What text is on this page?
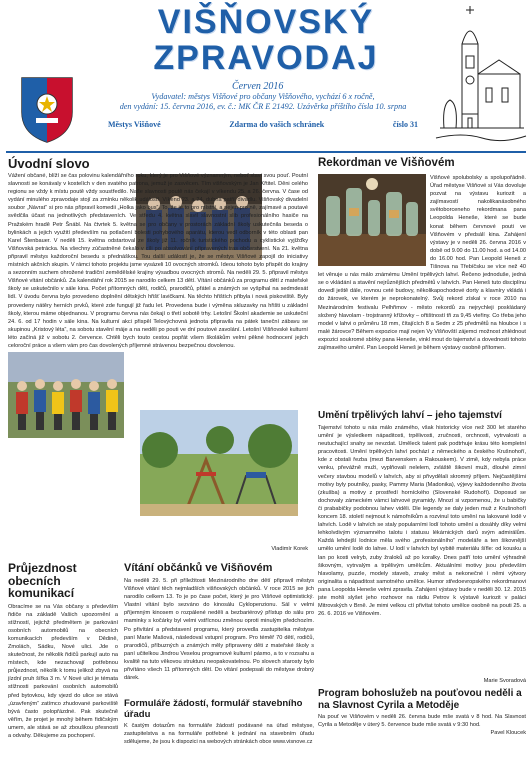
VIŠŇOVSKÝ
ZPRAVODAJ
Červen 2016
Vydavatel: městys Višňové pro občany Višňového, vychází 6 x ročně,
den vydání: 15. června 2016, ev. č.: MK ČR E 21492. Uzávěrka příštího čísla 10. srpna
Městys Višňové	Zdarma do vašich schránek	číslo 31
Úvodní slovo
Vážení občané, blíží se čas polovinu kalendářního roku, který je pro Višňové významným, neboť stavi svou pouť. Poutní slavnosti se konávaly v kostelích v den svatého patrona, jemuž je zasvěcen. Tím višňovským je Jan Křtitel. Děni celého regionu se vždy k místu poutě vždy soustředilo. Naše slavnosti poutě nás čekají v víkendu 25. a 26. června. V čase od vydání minulého zpravodaje stojí za zmínku několik událostí. Víkend 23. a 24. dubna patřil divadlu. Višňovský divadelní soubor „Návrat“ si pro nás připravil komedii „Holka jako bus“. To, že je to pro místní, a nejen pro ně, zajímavé a poutavé svědčila účast na jednotlivých představeních. Ve středu 4. května slavil slavnostní slib profesionálního hasiče na Pražském hradě Petr Šnábl. Na čtvrtek 5. května se pro občany v prostorách základní školy uskutečnila beseda o bylinkách a jejich využití především na potlačení bolesti pohybového aparátu, kterou vedl odborník v této oblasti pan Karel Štenbauer. V neděli 15. května odstartoval ze školy již 11. ročník turistického pochodu a cyklistické vyjížďky Višňovská petrácka. Na všechny zúčastněné čekalo v cíli po absolvování připravených tras občerstvení. Na 21. května připravil městys každoroční besedu s přednáškou. Tou další událostí je, že se městys Višňové zapojil do iniciativy místních akčních skupin. V rámci tohoto projektu jsme vysázeli 10 ovocných stromků. Ideou tohoto bylo přispět do krajiny a sezonním suchem ohrožené tradiční zemědělské krajiny výsadbou ovocných stromů. Na neděli 29. 5. připravil městys Višňové vítání občánků. Za kalendářní rok 2015 se narodilo celkem 13 dětí. Vítání občánků za programu dětí z mateřské školy se uskutečnilo v sále kina. Počet přítomných dětí, rodičů, prarodičů, přátel a známých se vyšplhal na sedmdesát lidí. V úvodu června bylo provedeno doplnění dětských hřišť lavičkami. Na těchto hřištích přibyla i nová piskoviště. Byly provedeny nátěry herních prvků, které zde fungují již řadu let. Provedena bude i výměna skluzavky na hřišti u základní školy, kterou máme objednanou. V programu června nás čekají o třetí sobotě trhy. Letošní Školní akademie se uskuteční 24. 6. od 17 hodin v sále kina. Na kulturní akci přispěl Telovýchovná jednota připravila na pátek taneční zábavu se skupinou „Kristový léta“, na sobotu stavění máje a na neděli po pouti ve dní poutové zavolání. Letošní Višňovské kulturní léto začíná již v sobotu 2. července. Chtěli bych touto cestou popřát všem školákům velmi pěkné hodnocení jejich celoroční práce a všem vám pro čas dovolených příjemné strávenou bezpečnou dovolenou.
Vladimír Korek
Průjezdnost obecních komunikací
Obracíme se na Vás občany s především řidiče na základě Vašich upozornění a stížností, jejichž předmětem je parkování osobních automobilů na obecních komunikacích především v Dědině, Zmolách, Sádku, Nové ulici. Jde o skutečnost, že několik řidičů parkují auto na místech, kde nezachovají potřebnou průjezdnost, několik k tomu jelikož zbyvá na jízdní pruh šířka 3 m. V Nové ulici je témata stížnosti parkování osobních automobilů před bytovkou, kdy vjezd do ulice se stává „úzavřeným“ zatímco zhudované parkoviště bývá často polopřázdné. Pak skutečně věřím, že projet je mnohý během řidičským umem, ale stává se až zbouškou přesnosti a odvahy. Děkujeme za pochopení.
Vítání občánků ve Višňovém
Na neděli 29. 5. při příležitosti Mezinárodního dne dětí připravil městys Višňové vítání těch nejmladších višňovských občánků. V roce 2015 se jich narodilo celkem 13. To je po čase počet, který je pro Višňové optimistický. Vlastní vítání bylo sezváno do kinosálu Cyklopenzionu. Sál v velmi příjemným kinosem o rozpálené neděli a bezbariérový přístup do sálu pro maminky s kočárky byl velmi vstřícnou změnou oproti minulým předchozím. Po přivítání a představení programu, který provedla zastupitelka městyse paní Marie Mašová, následoval vstupní program. Pro téměř 70 dětí, rodičů, prarodičů, příbuzných a známých měly připraveny děti z mateřské školy s paní učitelkou Jindrou Veselou programové kulturní pásmo, a to v rozsahu a kvalitě na tuto věkovou strukturu neopakovatelnou. Po slovech starosty bylo přivítáno všech 11 přítomných dětí. Do vítání podepsali do městyse drobný dárek.
Formuláře žádostí, formulář stavebního úřadu
K častým dotazům na formuláře žádostí podávané na úřad městyse, zastupitelstva a na formuláře potřebné k jednání na stavebním úřadu sdělujeme, že jsou k dispozici na webových stránkách obce www.visnove.cz
Rekordman ve Višňovém
Višňové spolubolsky a spolupořádně. Úřad městyse Višňové si Vás dovoluje pozvat na výstavu kuriozit a zajímavostí nakolikanásobného světoborceneho rekordmana pana Leopolda Heneše, které se bude konat během červnové pouti ve Višňovém v předsálí kina. Zahájení výstavy je v neděli 26. června 2016 v době od 9.00 do 11.00 hod. a od 14.00 do 16.00 hod. Pan Leopold Heneš z Tišnova na Třebíčsku se více než 40 let věnuje u nás málo známému Umění trpělivých lahví. Řečeno jednoduše, jedná se o vkládání a stavění nejrůznějších předmětů v lahvích. Pan Heneš tuto disciplínu dovedl ještě dále, rovnou ceté budovy, několikapochodové dorty a klavníry vkládá i do žárovek, ve kterém je neprokonatelný. Svůj rekord získal v roce 2010 na Mezinárodním festivalu Pelhřimov - město rekordů za nejrychleji poskládaný složený hlavolam - trojstranný křížovky – ořtištností tři za 9,45 vteřiny. Co třeba jeho model v lahvi o průměru 18 mm, čítajících 8 a Sedm z 25 předmětů na hloubce i s malé žárovce? Během expozice mají nejen Vy Višňovští zájemci možnost zhlédnout expozici soukromé sbírky pana Heneše, vinkl mout do tajemství a dovednosti tohoto zajímavého umění. Pan Leopold Heneš je během výstavy osobně přítomen.
Umění trpělivých lahví – jeho tajemství
Tajemství tohoto u nás málo známého, však historicky více než 300 let starého umění je výsledkem nápaditosti, trpělivosti, zručnosti, orchnosti, vytrvalosti a neutuchající snahy se nevzdat. Uměleck talent pak podtrhuje krásu této kompletní pracovitosti. Umění trpělivých lahví pochází z německého a českého Krušnohoří, kde z obstali řezba (mezi Barvenskem a Rakouskem). V zimě, kdy nebyla práce venku, převážně muži, vyplňovali nelelem, zvláště šikovní muži, dlouhé zimní večery stavbou modelů v lahvích, aby si přivydělali skromný příjem. Nejčastějšími motivy byly poutníky, pasky, Pammy Maria (Madonika), výjevy každodenního života (zkušba) a motivy z prostředí horníckého (Slovenské Rudohoří). Doposud se dochovaly zámeckém vámci lahvové pyramidy. Mnozí si vzpomenou, že u babičky či prababičky podobnou lahev viděli. Dle legendy se daly jeden muž z Krušnohoří koncem 18. století nejmout k námořníkům a rozvinul toto umění na lakované lodě v lahvích. Lodě v lahvích se staly popularními lodí tohoto umění a dosáhly díky velmi lehkolvdivým významného talotu i statusu lékárnických darů svým admirálům. Každá lehdejší lodnice měla svého „profesionálního“ modeláře a ten šikovnější umělo umění lodě do lahve. U lodí v lahvích byl vybitě materiálu šířle: od kousku a lan po kosti velryb, zuby žraloků až po koralky. Dnes patří toto umění výhradně šikovným, vytrvalým a trpělivým umělcům. Aktuálními motivy jsou především hlavolamy, puzzle, modely staveb, znaky měst a nekonečné i němi výtvory originalita a nápaditost samotného umělce. Humor středoevropského rekordmanovi pana Leopolda Heneše velmi zpravila. Zahájení výstavy bude v neděli 30. 12. 2015 jste mohli slyšet jeho rozhovor na rádiu Petrov k výstavě kuriozit v paláci Mitrovských v Brně. Je mimi velkou ctí přivítat tohoto umělce osobně na pouti 25. a 26. 6. 2016 ve Višňovém.
Marie Svoradová
Program bohoslužeb na pouťovou neděli a na Slavnost Cyrila a Metoděje
Na pouť ve Višňovém v neděli 26. června bude mše svatá v 8 hod. Na Slavnost Cyrila a Metoděje v úterý 5. července bude mše svatá v 9:30 hod.
Pavel Kloucek
